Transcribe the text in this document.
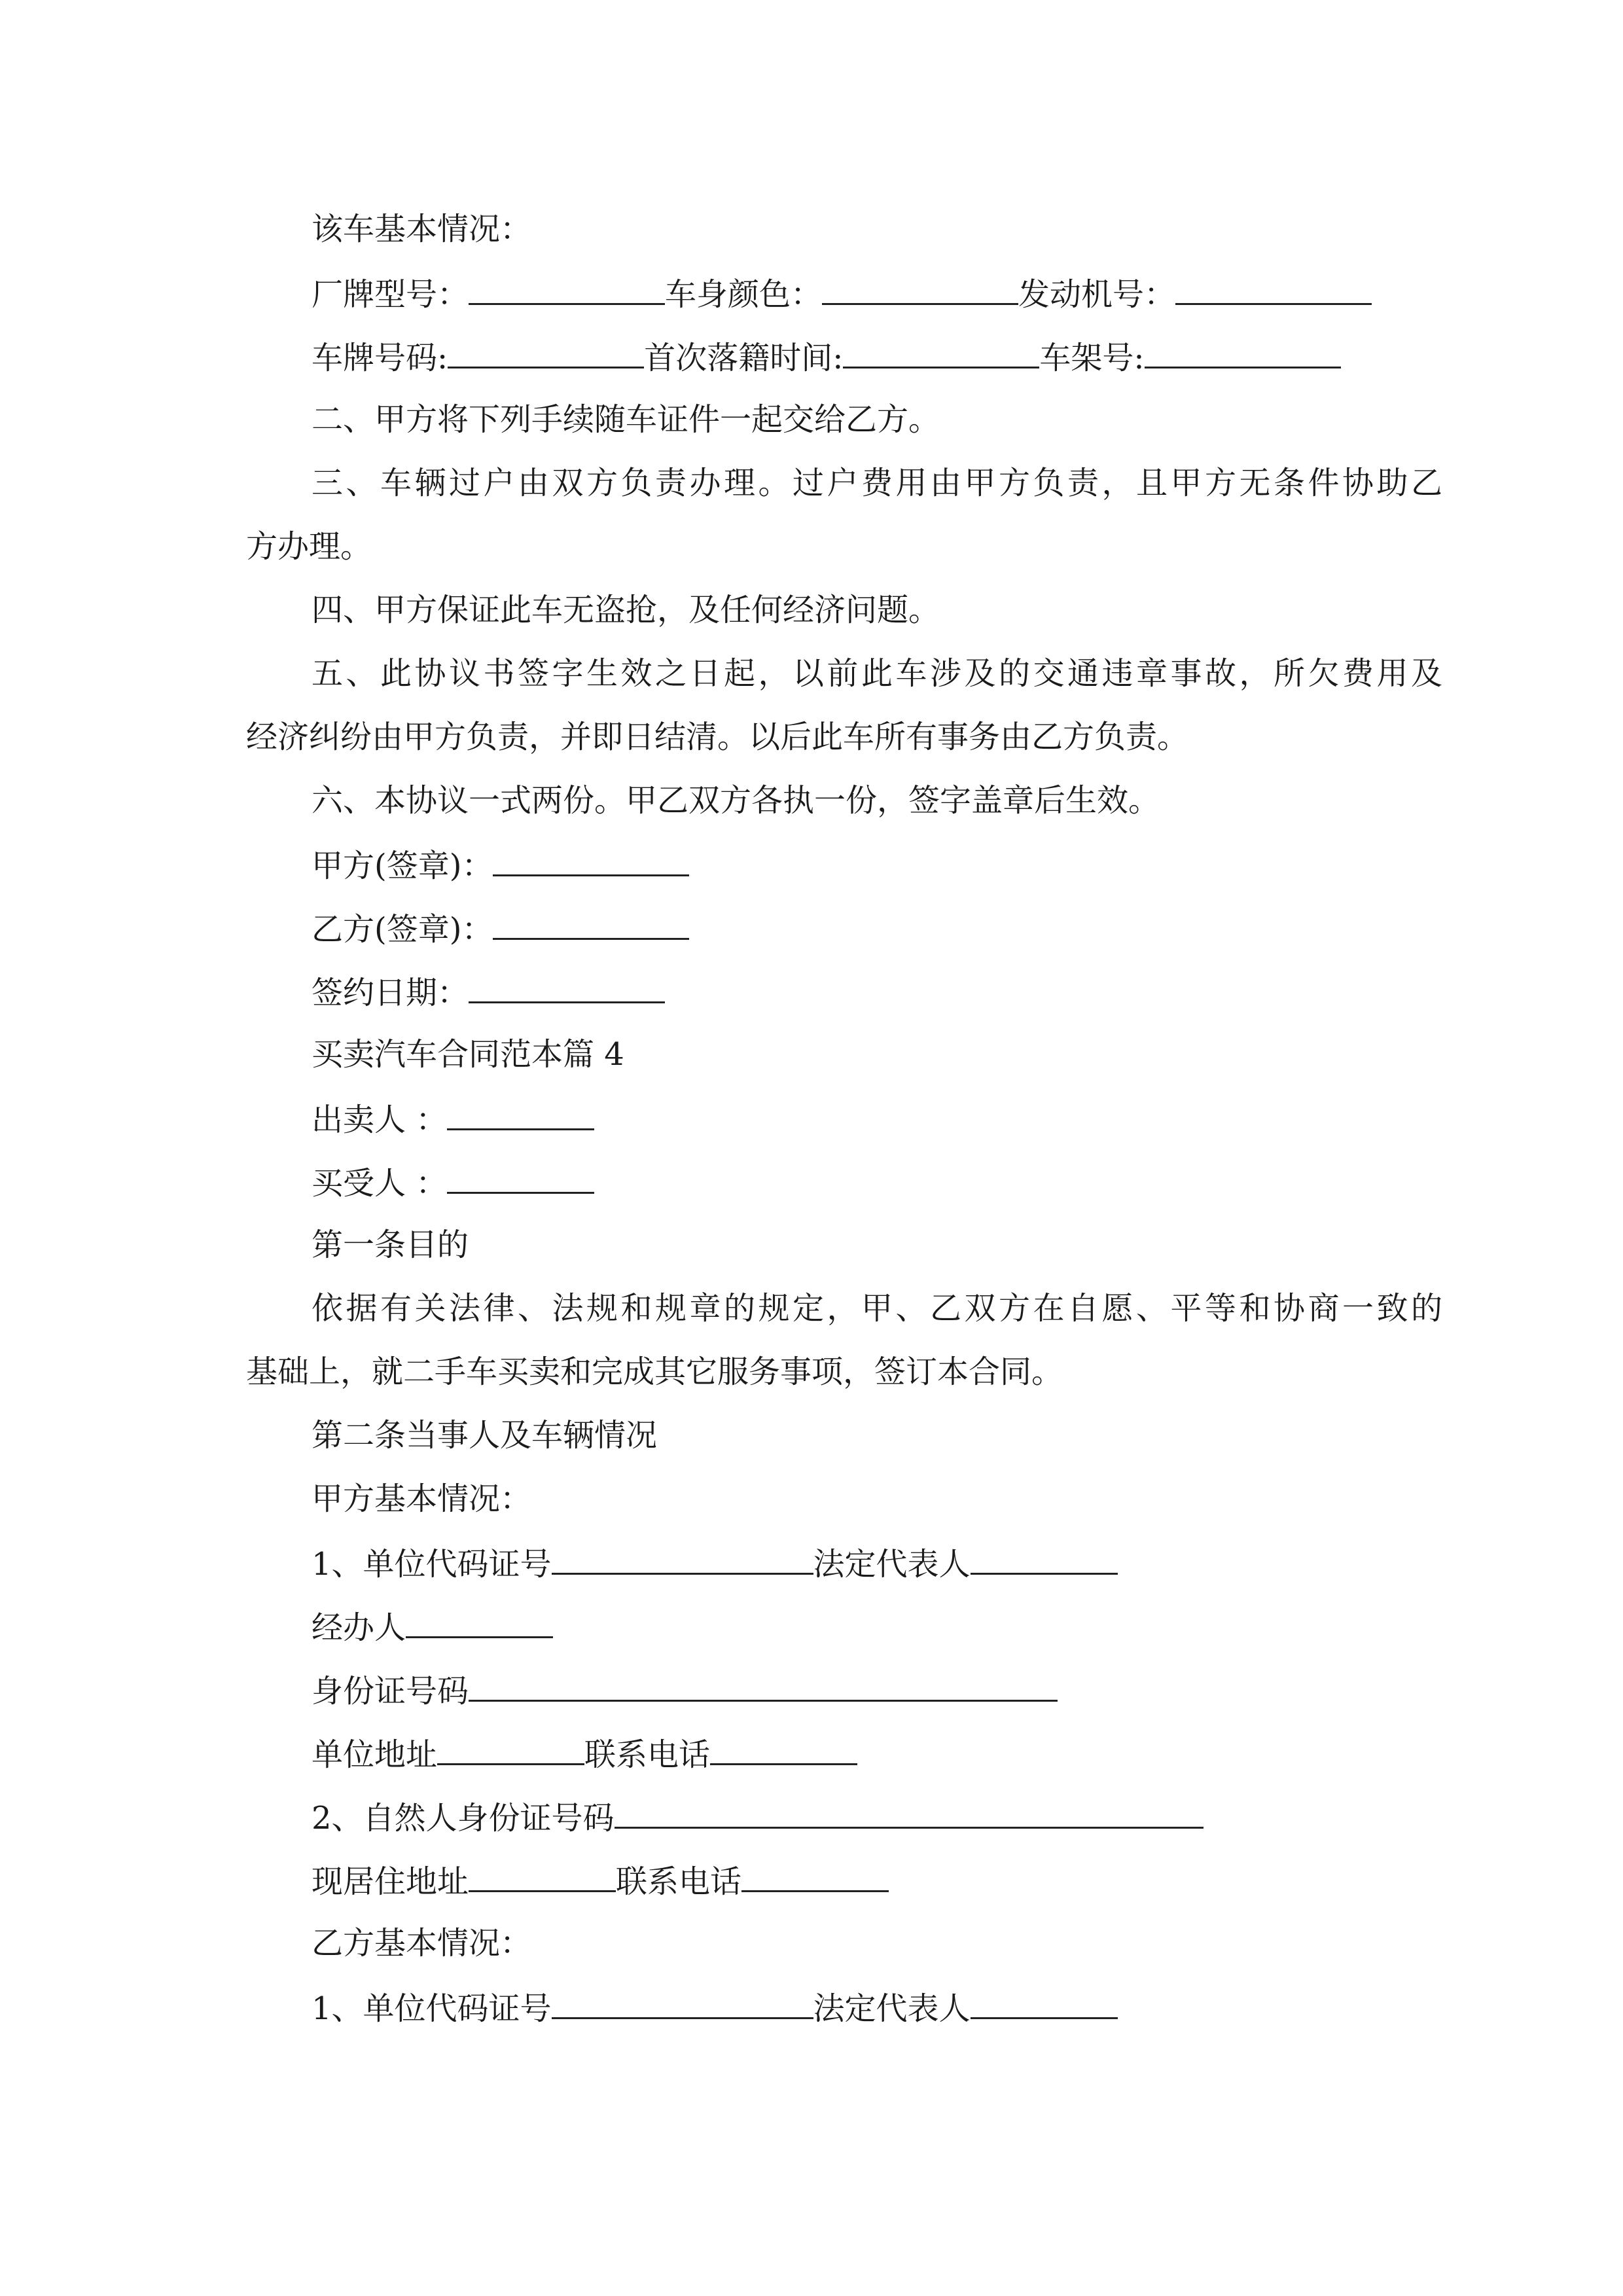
该车基本情况：
厂牌型号：	车身颜色：	发动机号：
车牌号码:	首次落籍时间:	车架号:
二、甲方将下列手续随车证件一起交给乙方。
三、车辆过户由双方负责办理。过户费用由甲方负责，且甲方无条件协助乙
方办理。
四、甲方保证此车无盗抢，及任何经济问题。
五、此协议书签字生效之日起，以前此车涉及的交通违章事故，所欠费用及
经济纠纷由甲方负责，并即日结清。以后此车所有事务由乙方负责。
六、本协议一式两份。甲乙双方各执一份，签字盖章后生效。
甲方(签章)：
乙方(签章)：
签约日期：
买卖汽车合同范本篇 4
出卖人 ：
买受人 ：
第一条目的
依据有关法律、法规和规章的规定，甲、乙双方在自愿、平等和协商一致的
基础上，就二手车买卖和完成其它服务事项，签订本合同。
第二条当事人及车辆情况
甲方基本情况：
1、单位代码证号	法定代表人
经办人
身份证号码
单位地址	联系电话
2、自然人身份证号码
现居住地址	联系电话
乙方基本情况：
1、单位代码证号	法定代表人
